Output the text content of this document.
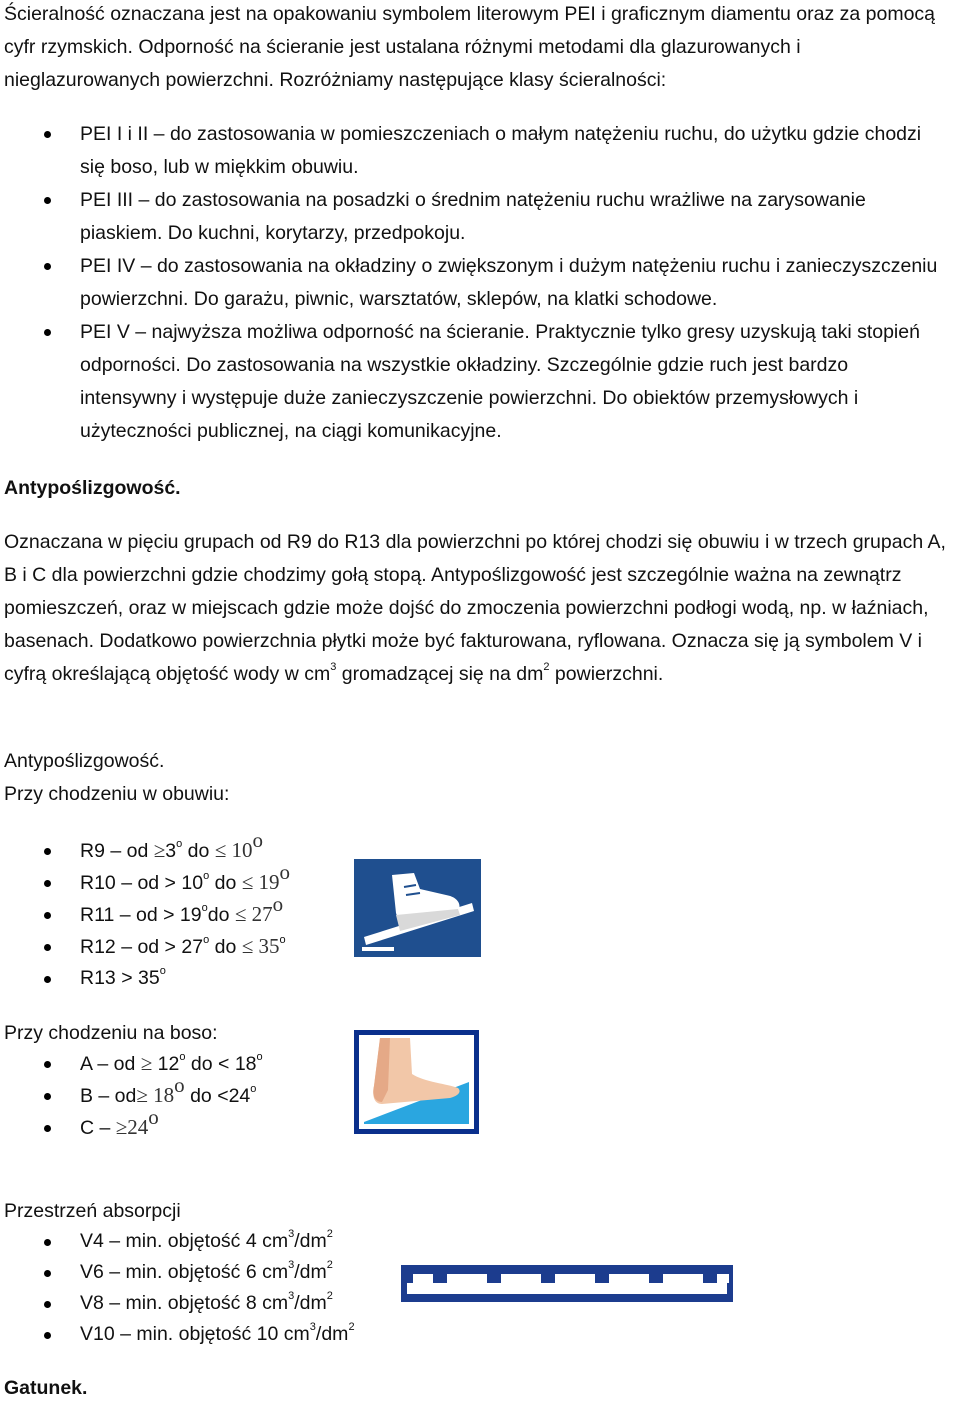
Ścieralność oznaczana jest na opakowaniu symbolem literowym PEI i graficznym diamentu oraz za pomocą cyfr rzymskich. Odporność na ścieranie jest ustalana różnymi metodami dla glazurowanych i nieglazurowanych powierzchni. Rozróżniamy następujące klasy ścieralności:

PEI I i II – do zastosowania w pomieszczeniach o małym natężeniu ruchu, do użytku gdzie chodzi się boso, lub w miękkim obuwiu.
PEI III – do zastosowania na posadzki o średnim natężeniu ruchu wrażliwe na zarysowanie piaskiem. Do kuchni, korytarzy, przedpokoju.
PEI IV – do zastosowania na okładziny o zwiększonym i dużym natężeniu ruchu i zanieczyszczeniu powierzchni. Do garażu, piwnic, warsztatów, sklepów, na klatki schodowe.
PEI V – najwyższa możliwa odporność na ścieranie. Praktycznie tylko gresy uzyskują taki stopień odporności. Do zastosowania na wszystkie okładziny. Szczególnie gdzie ruch jest bardzo intensywny i występuje duże zanieczyszczenie powierzchni. Do obiektów przemysłowych i użyteczności publicznej, na ciągi komunikacyjne.

Antypoślizgowość.

Oznaczana w pięciu grupach od R9 do R13 dla powierzchni po której chodzi się obuwiu i w trzech grupach A, B i C dla powierzchni gdzie chodzimy gołą stopą. Antypoślizgowość jest szczególnie ważna na zewnątrz pomieszczeń, oraz w miejscach gdzie może dojść do zmoczenia powierzchni podłogi wodą, np. w łaźniach, basenach. Dodatkowo powierzchnia płytki może być fakturowana, ryflowana. Oznacza się ją symbolem V i cyfrą określającą objętość wody w $cm^3$ gromadzącej się na $dm^2$ powierzchni.

Antypoślizgowość.

Przy chodzeniu w obuwiu:

R9 – od $\ge 3^o$ do ≤ $10^o$
R10 – od > $10^o$ do ≤ $19^o$
R11 – od > $19^odo \le 27^o$
R12 – od > $27^o$ do ≤ $35^o$
$R13 > 35^o$

Przy chodzeniu na boso:

A – od ≥ $12^o$ do < $18^o$
$B - od\ge 18^o$ do $<24^o$
$C - \ge 24^o$

Przestrzeń absorpcji

V4 – min. objętość 4 $cm^3/dm^2$
V6 – min. objętość 6 $cm^3/dm^2$
V8 – min. objętość 8 $cm^3/dm^2$
V10 – min. objętość 10 $cm^3/dm^2$

Gatunek.
